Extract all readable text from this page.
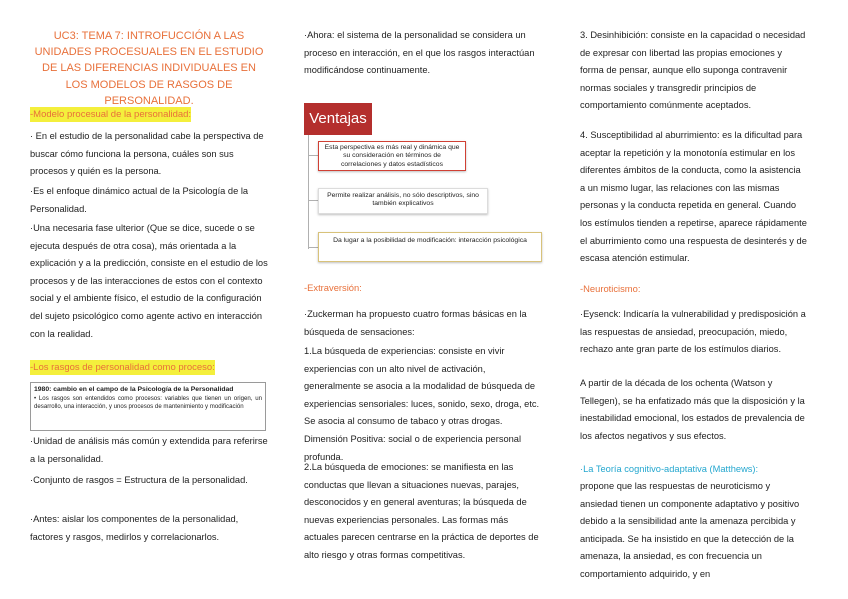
UC3: TEMA 7: INTROFUCCIÓN A LAS UNIDADES PROCESUALES EN EL ESTUDIO DE LAS DIFERENCIAS INDIVIDUALES EN LOS MODELOS DE RASGOS DE PERSONALIDAD.
-Modelo procesual de la personalidad:

· En el estudio de la personalidad cabe la perspectiva de buscar cómo funciona la persona, cuáles son sus procesos y quién es la persona.

·Es el enfoque dinámico actual de la Psicología de la Personalidad.

·Una necesaria fase ulterior (Que se dice, sucede o se ejecuta después de otra cosa), más orientada a la explicación y a la predicción, consiste en el estudio de los procesos y de las interacciones de estos con el contexto social y el ambiente físico, el estudio de la configuración del sujeto psicológico como agente activo en interacción con la realidad.

-Los rasgos de personalidad como proceso:
1980: cambio en el campo de la Psicología de la Personalidad
• Los rasgos son entendidos como procesos: variables que tienen un origen, un desarrollo, una interacción, y unos procesos de mantenimiento y modificación

·Unidad de análisis más común y extendida para referirse a la personalidad.

·Conjunto de rasgos = Estructura de la personalidad.

·Antes: aislar los componentes de la personalidad, factores y rasgos, medirlos y correlacionarlos.

·Ahora: el sistema de la personalidad se considera un proceso en interacción, en el que los rasgos interactúan modificándose continuamente.

Ventajas
Esta perspectiva es más real y dinámica que su consideración en términos de correlaciones y datos estadísticos
Permite realizar análisis, no sólo descriptivos, sino también explicativos
Da lugar a la posibilidad de modificación: interacción psicológica

-Extraversión:

·Zuckerman ha propuesto cuatro formas básicas en la búsqueda de sensaciones:

1.La búsqueda de experiencias: consiste en vivir experiencias con un alto nivel de activación, generalmente se asocia a la modalidad de búsqueda de experiencias sensoriales: luces, sonido, sexo, droga, etc. Se asocia al consumo de tabaco y otras drogas. Dimensión Positiva: social o de experiencia personal profunda.

2.La búsqueda de emociones: se manifiesta en las conductas que llevan a situaciones nuevas, parajes, desconocidos y en general aventuras; la búsqueda de nuevas experiencias personales. Las formas más actuales parecen centrarse en la práctica de deportes de alto riesgo y otras formas competitivas.

3. Desinhibición: consiste en la capacidad o necesidad de expresar con libertad las propias emociones y forma de pensar, aunque ello suponga contravenir normas sociales y transgredir principios de comportamiento comúnmente aceptados.

4. Susceptibilidad al aburrimiento: es la dificultad para aceptar la repetición y la monotonía estimular en los diferentes ámbitos de la conducta, como la asistencia a un mismo lugar, las relaciones con las mismas personas y la conducta repetida en general. Cuando los estímulos tienden a repetirse, aparece rápidamente el aburrimiento como una respuesta de desinterés y de escasa atención estimular.

-Neuroticismo:

·Eysenck: Indicaría la vulnerabilidad y predisposición a las respuestas de ansiedad, preocupación, miedo, rechazo ante gran parte de los estímulos diarios.

A partir de la década de los ochenta (Watson y Tellegen), se ha enfatizado más que la disposición y la inestabilidad emocional, los estados de prevalencia de los afectos negativos y sus efectos.

·La Teoría cognitivo-adaptativa (Matthews):

propone que las respuestas de neuroticismo y ansiedad tienen un componente adaptativo y positivo debido a la sensibilidad ante la amenaza percibida y anticipada. Se ha insistido en que la detección de la amenaza, la ansiedad, es con frecuencia un comportamiento adquirido, y en
